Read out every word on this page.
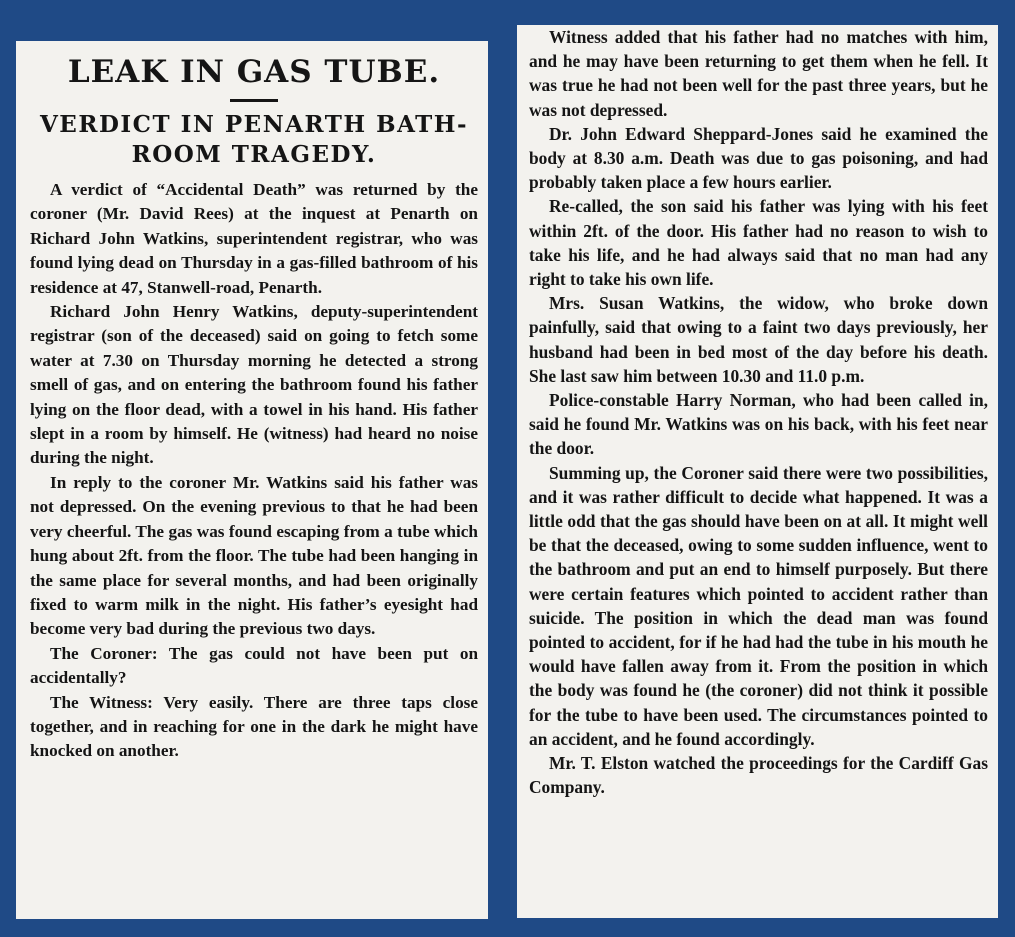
LEAK IN GAS TUBE.
VERDICT IN PENARTH BATH-ROOM TRAGEDY.

A verdict of “Accidental Death” was returned by the coroner (Mr. David Rees) at the inquest at Penarth on Richard John Watkins, superintendent registrar, who was found lying dead on Thursday in a gas-filled bathroom of his residence at 47, Stanwell-road, Penarth.

Richard John Henry Watkins, deputy-superintendent registrar (son of the deceased) said on going to fetch some water at 7.30 on Thursday morning he detected a strong smell of gas, and on entering the bathroom found his father lying on the floor dead, with a towel in his hand. His father slept in a room by himself. He (witness) had heard no noise during the night.

In reply to the coroner Mr. Watkins said his father was not depressed. On the evening previous to that he had been very cheerful. The gas was found escaping from a tube which hung about 2ft. from the floor. The tube had been hanging in the same place for several months, and had been originally fixed to warm milk in the night. His father’s eyesight had become very bad during the previous two days.

The Coroner: The gas could not have been put on accidentally?

The Witness: Very easily. There are three taps close together, and in reaching for one in the dark he might have knocked on another.

Witness added that his father had no matches with him, and he may have been returning to get them when he fell. It was true he had not been well for the past three years, but he was not depressed.

Dr. John Edward Sheppard-Jones said he examined the body at 8.30 a.m. Death was due to gas poisoning, and had probably taken place a few hours earlier.

Re-called, the son said his father was lying with his feet within 2ft. of the door. His father had no reason to wish to take his life, and he had always said that no man had any right to take his own life.

Mrs. Susan Watkins, the widow, who broke down painfully, said that owing to a faint two days previously, her husband had been in bed most of the day before his death. She last saw him between 10.30 and 11.0 p.m.

Police-constable Harry Norman, who had been called in, said he found Mr. Watkins was on his back, with his feet near the door.

Summing up, the Coroner said there were two possibilities, and it was rather difficult to decide what happened. It was a little odd that the gas should have been on at all. It might well be that the deceased, owing to some sudden influence, went to the bathroom and put an end to himself purposely. But there were certain features which pointed to accident rather than suicide. The position in which the dead man was found pointed to accident, for if he had had the tube in his mouth he would have fallen away from it. From the position in which the body was found he (the coroner) did not think it possible for the tube to have been used. The circumstances pointed to an accident, and he found accordingly.

Mr. T. Elston watched the proceedings for the Cardiff Gas Company.
